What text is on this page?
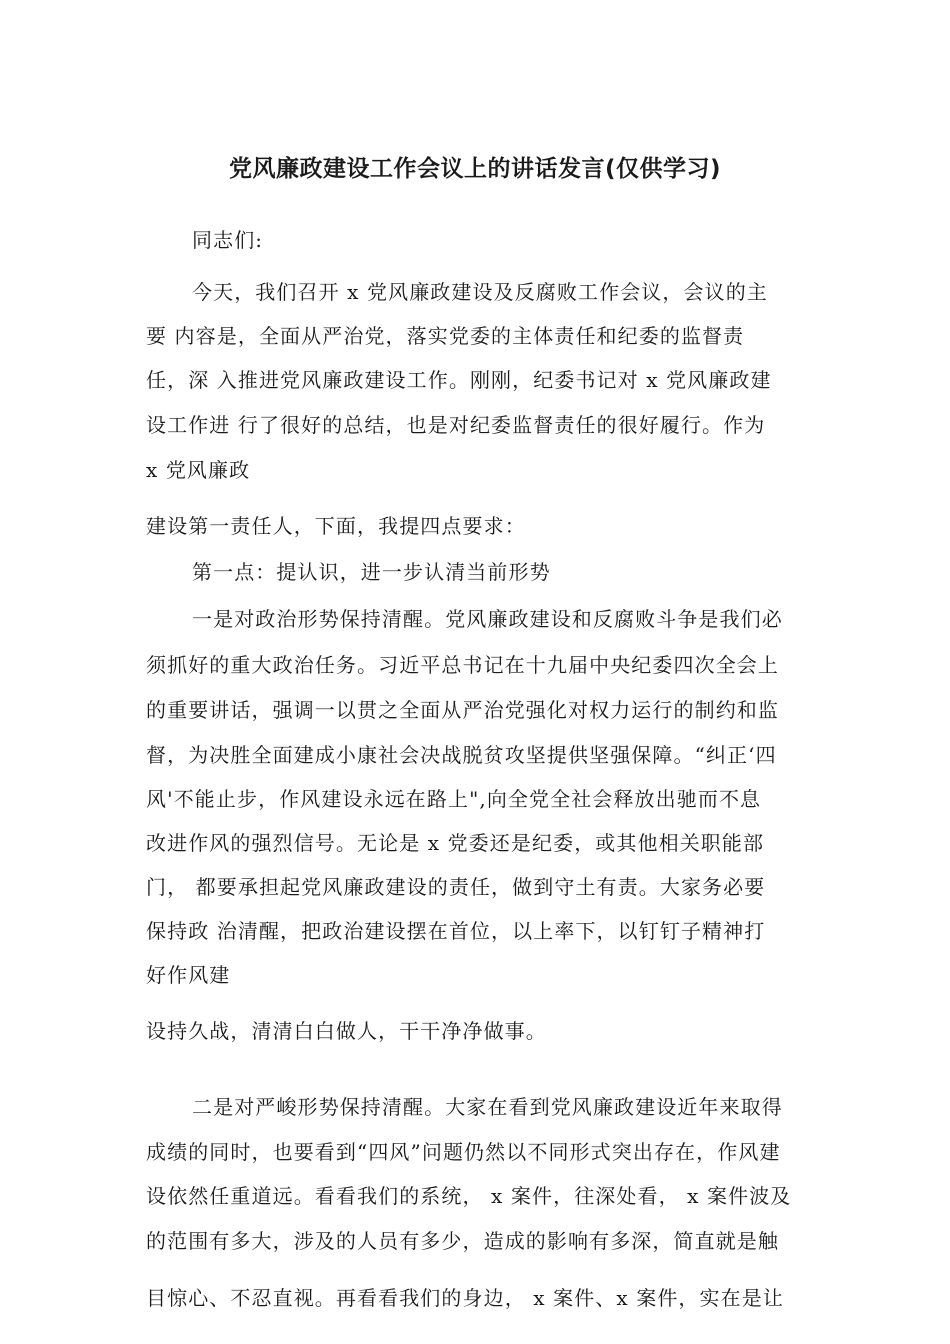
党风廉政建设工作会议上的讲话发言(仅供学习)
同志们:
今天，我们召开 x 党风廉政建设及反腐败工作会议，会议的主
要 内容是，全面从严治党，落实党委的主体责任和纪委的监督责
任，深 入推进党风廉政建设工作。刚刚，纪委书记对 x 党风廉政建
设工作进 行了很好的总结，也是对纪委监督责任的很好履行。作为
x 党风廉政
建设第一责任人，下面，我提四点要求：
第一点：提认识，进一步认清当前形势
一是对政治形势保持清醒。党风廉政建设和反腐败斗争是我们必
须抓好的重大政治任务。习近平总书记在十九届中央纪委四次全会上
的重要讲话，强调一以贯之全面从严治党强化对权力运行的制约和监
督，为决胜全面建成小康社会决战脱贫攻坚提供坚强保障。“纠正‘四
风'不能止步，作风建设永远在路上",向全党全社会释放出驰而不息
改进作风的强烈信号。无论是 x 党委还是纪委，或其他相关职能部
门， 都要承担起党风廉政建设的责任，做到守土有责。大家务必要
保持政 治清醒，把政治建设摆在首位，以上率下，以钉钉子精神打
好作风建
设持久战，清清白白做人，干干净净做事。
二是对严峻形势保持清醒。大家在看到党风廉政建设近年来取得
成绩的同时，也要看到“四风”问题仍然以不同形式突出存在，作风建
设依然任重道远。看看我们的系统， x 案件，往深处看， x 案件波及
的范围有多大，涉及的人员有多少，造成的影响有多深，简直就是触
目惊心、不忍直视。再看看我们的身边， x 案件、x 案件，实在是让
